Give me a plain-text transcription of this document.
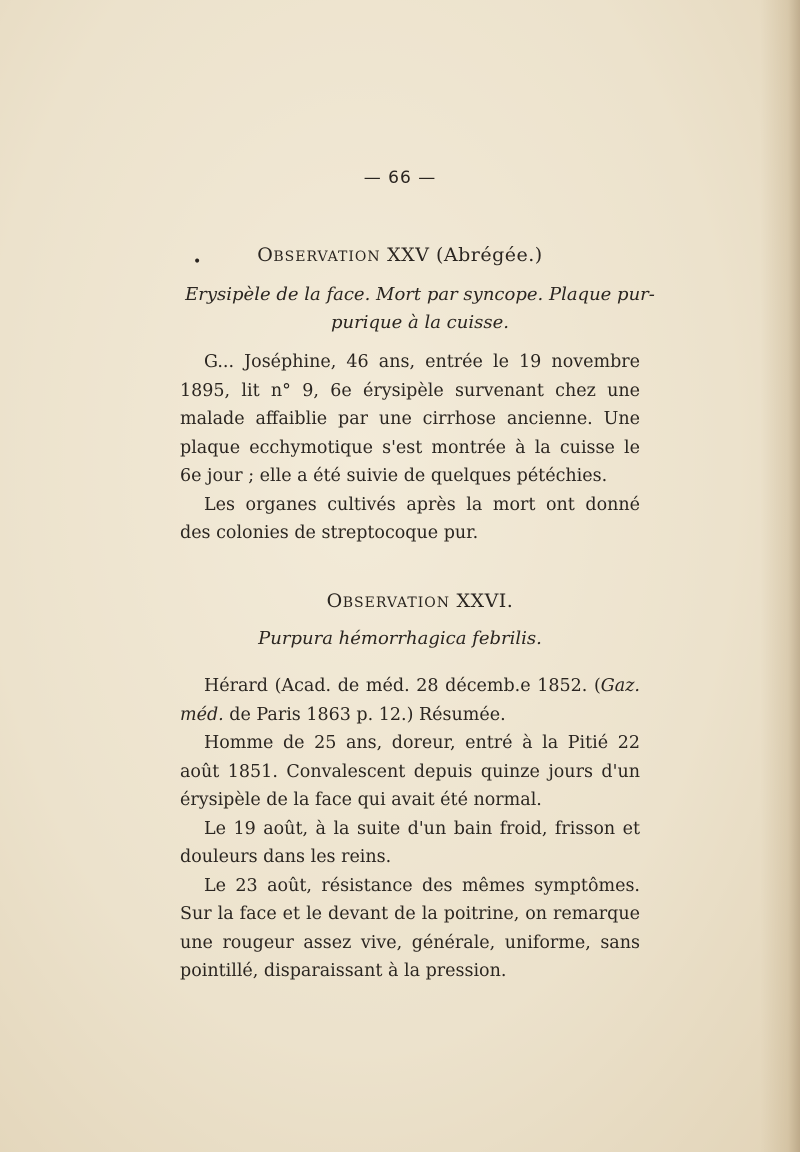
— 66 —
•	OBSERVATION XXV (Abrégée.)
Erysipèle de la face. Mort par syncope. Plaque pur-
purique à la cuisse.

G... Joséphine, 46 ans, entrée le 19 novembre 1895, lit n° 9, 6e érysipèle survenant chez une malade affaiblie par une cirrhose ancienne. Une plaque ecchymotique s'est montrée à la cuisse le 6e jour ; elle a été suivie de quelques pétéchies.

Les organes cultivés après la mort ont donné des colonies de streptocoque pur.

OBSERVATION XXVI.
Purpura hémorrhagica febrilis.

Hérard (Acad. de méd. 28 décemb.e 1852. (Gaz. méd. de Paris 1863 p. 12.) Résumée.

Homme de 25 ans, doreur, entré à la Pitié 22 août 1851. Convalescent depuis quinze jours d'un érysipèle de la face qui avait été normal.

Le 19 août, à la suite d'un bain froid, frisson et douleurs dans les reins.

Le 23 août, résistance des mêmes symptômes. Sur la face et le devant de la poitrine, on remarque une rougeur assez vive, générale, uniforme, sans pointillé, disparaissant à la pression.
